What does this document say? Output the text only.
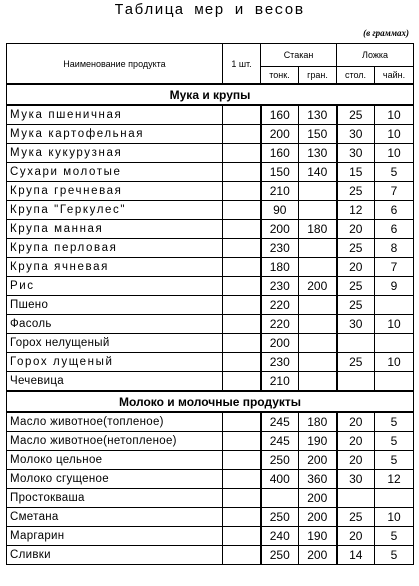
Таблица мер и весов
(в граммах)
Наименование продукта	1 шт.	Стакан		Ложка	
		тонк.	гран.	стол.	чайн.
Мука и крупы					
Мука пшеничная		160	130	25	10
Мука картофельная		200	150	30	10
Мука кукурузная		160	130	30	10
Сухари молотые		150	140	15	5
Крупа гречневая		210		25	7
Крупа "Геркулес"		90		12	6
Крупа манная		200	180	20	6
Крупа перловая		230		25	8
Крупа ячневая		180		20	7
Рис		230	200	25	9
Пшено		220		25	
Фасоль		220		30	10
Горох нелущеный		200			
Горох лущеный		230		25	10
Чечевица		210			
Молоко и молочные продукты					
Масло животное(топленое)		245	180	20	5
Масло животное(нетопленое)		245	190	20	5
Молоко цельное		250	200	20	5
Молоко сгущеное		400	360	30	12
Простокваша			200		
Сметана		250	200	25	10
Маргарин		240	190	20	5
Сливки		250	200	14	5
